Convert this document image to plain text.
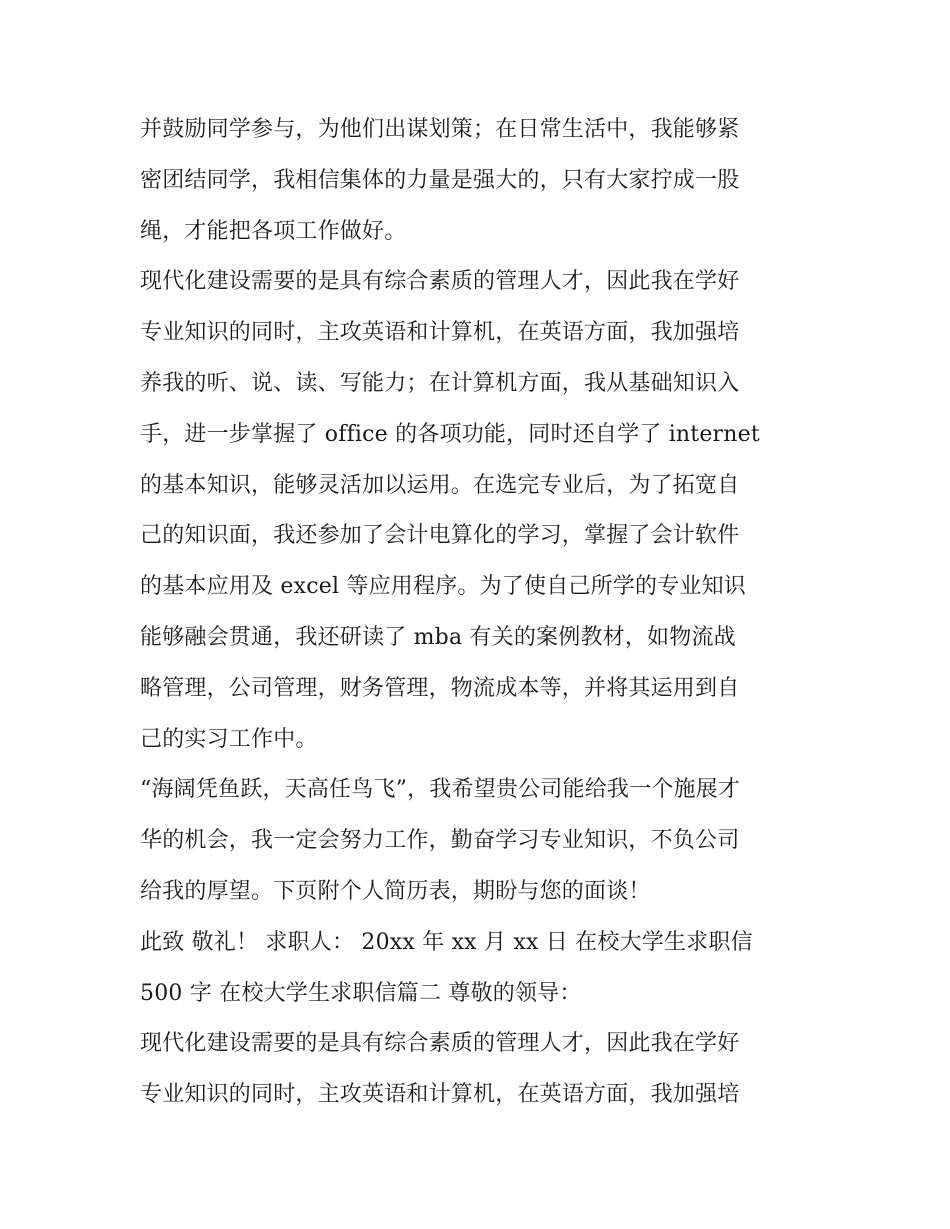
并鼓励同学参与，为他们出谋划策；在日常生活中，我能够紧
密团结同学，我相信集体的力量是强大的，只有大家拧成一股
绳，才能把各项工作做好。
现代化建设需要的是具有综合素质的管理人才，因此我在学好
专业知识的同时，主攻英语和计算机，在英语方面，我加强培
养我的听、说、读、写能力；在计算机方面，我从基础知识入
手，进一步掌握了 office 的各项功能，同时还自学了 internet
的基本知识，能够灵活加以运用。在选完专业后，为了拓宽自
己的知识面，我还参加了会计电算化的学习，掌握了会计软件
的基本应用及 excel 等应用程序。为了使自己所学的专业知识
能够融会贯通，我还研读了 mba 有关的案例教材，如物流战
略管理，公司管理，财务管理，物流成本等，并将其运用到自
己的实习工作中。
“海阔凭鱼跃，天高任鸟飞”，我希望贵公司能给我一个施展才
华的机会，我一定会努力工作，勤奋学习专业知识，不负公司
给我的厚望。下页附个人简历表，期盼与您的面谈！
此致 敬礼！ 求职人： 20xx 年 xx 月 xx 日 在校大学生求职信
500 字 在校大学生求职信篇二 尊敬的领导：
现代化建设需要的是具有综合素质的管理人才，因此我在学好
专业知识的同时，主攻英语和计算机，在英语方面，我加强培
